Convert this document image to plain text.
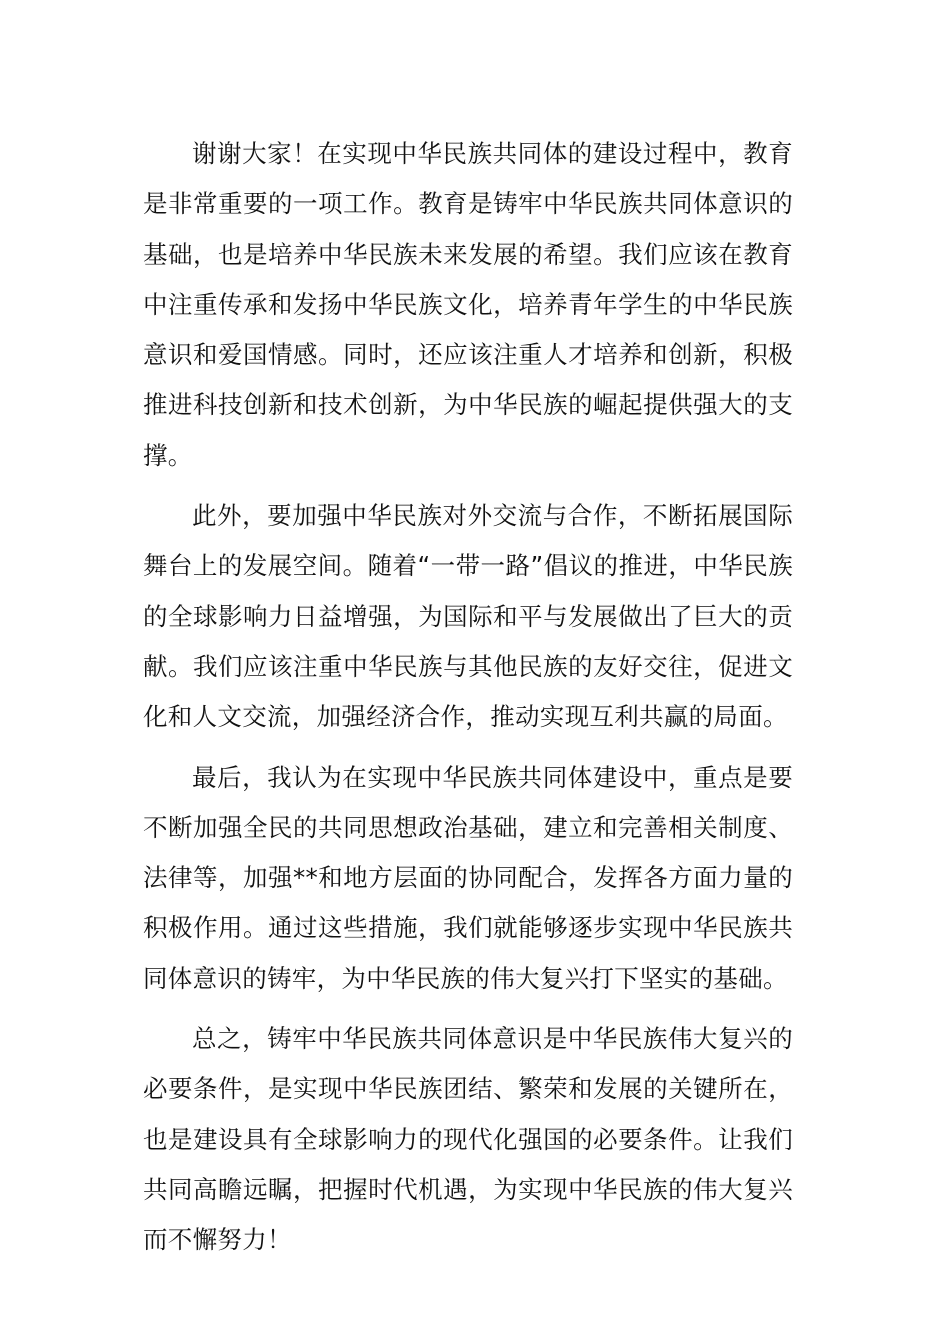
谢谢大家！在实现中华民族共同体的建设过程中，教育是非常重要的一项工作。教育是铸牢中华民族共同体意识的基础，也是培养中华民族未来发展的希望。我们应该在教育中注重传承和发扬中华民族文化，培养青年学生的中华民族意识和爱国情感。同时，还应该注重人才培养和创新，积极推进科技创新和技术创新，为中华民族的崛起提供强大的支撑。

此外，要加强中华民族对外交流与合作，不断拓展国际舞台上的发展空间。随着“一带一路”倡议的推进，中华民族的全球影响力日益增强，为国际和平与发展做出了巨大的贡献。我们应该注重中华民族与其他民族的友好交往，促进文化和人文交流，加强经济合作，推动实现互利共赢的局面。

最后，我认为在实现中华民族共同体建设中，重点是要不断加强全民的共同思想政治基础，建立和完善相关制度、法律等，加强**和地方层面的协同配合，发挥各方面力量的积极作用。通过这些措施，我们就能够逐步实现中华民族共同体意识的铸牢，为中华民族的伟大复兴打下坚实的基础。

总之，铸牢中华民族共同体意识是中华民族伟大复兴的必要条件，是实现中华民族团结、繁荣和发展的关键所在，也是建设具有全球影响力的现代化强国的必要条件。让我们共同高瞻远瞩，把握时代机遇，为实现中华民族的伟大复兴而不懈努力！
